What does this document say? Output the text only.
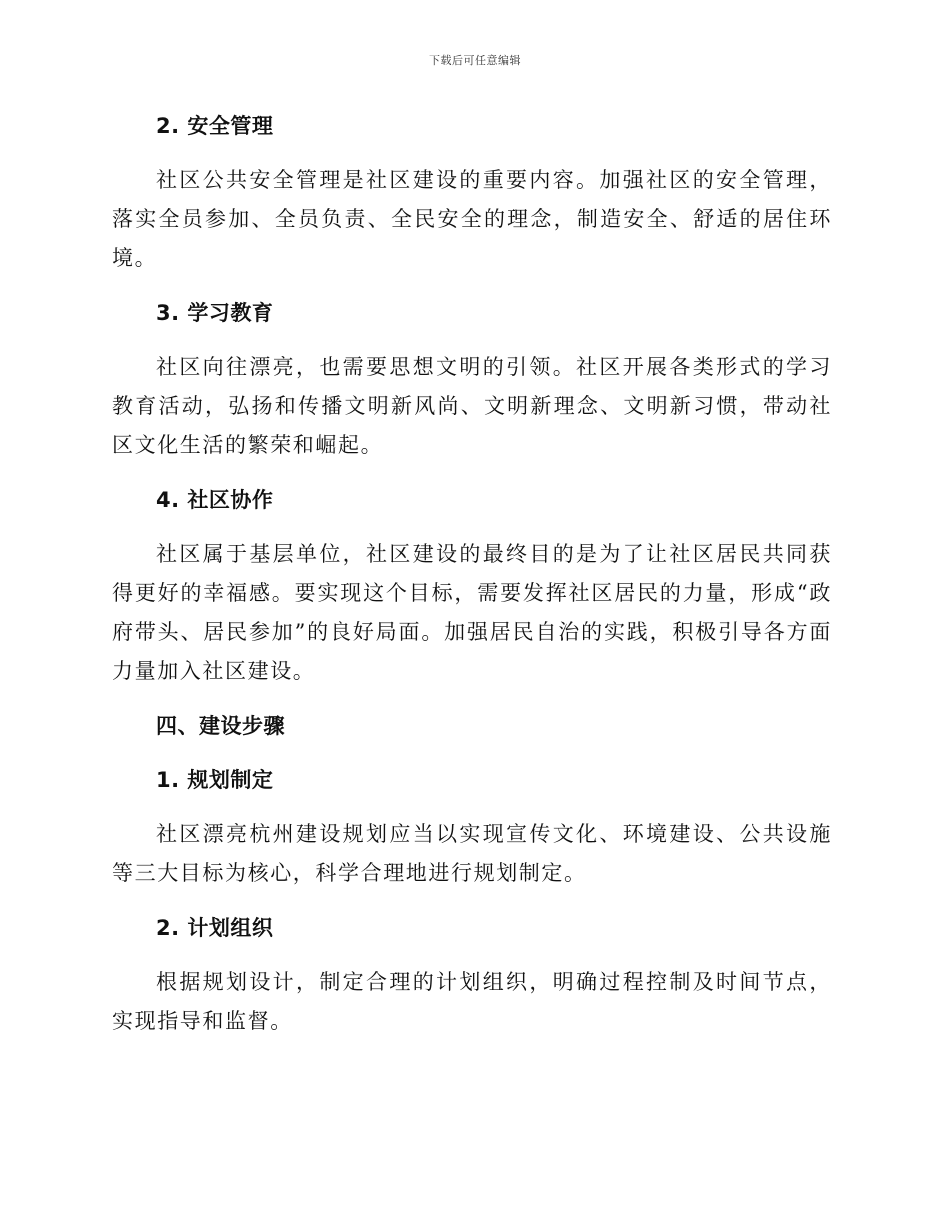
下载后可任意编辑
2. 安全管理

社区公共安全管理是社区建设的重要内容。加强社区的安全管理，落实全员参加、全员负责、全民安全的理念，制造安全、舒适的居住环境。

3. 学习教育

社区向往漂亮，也需要思想文明的引领。社区开展各类形式的学习教育活动，弘扬和传播文明新风尚、文明新理念、文明新习惯，带动社区文化生活的繁荣和崛起。

4. 社区协作

社区属于基层单位，社区建设的最终目的是为了让社区居民共同获得更好的幸福感。要实现这个目标，需要发挥社区居民的力量，形成“政府带头、居民参加”的良好局面。加强居民自治的实践，积极引导各方面力量加入社区建设。

四、建设步骤
1. 规划制定

社区漂亮杭州建设规划应当以实现宣传文化、环境建设、公共设施等三大目标为核心，科学合理地进行规划制定。

2. 计划组织

根据规划设计，制定合理的计划组织，明确过程控制及时间节点，实现指导和监督。
